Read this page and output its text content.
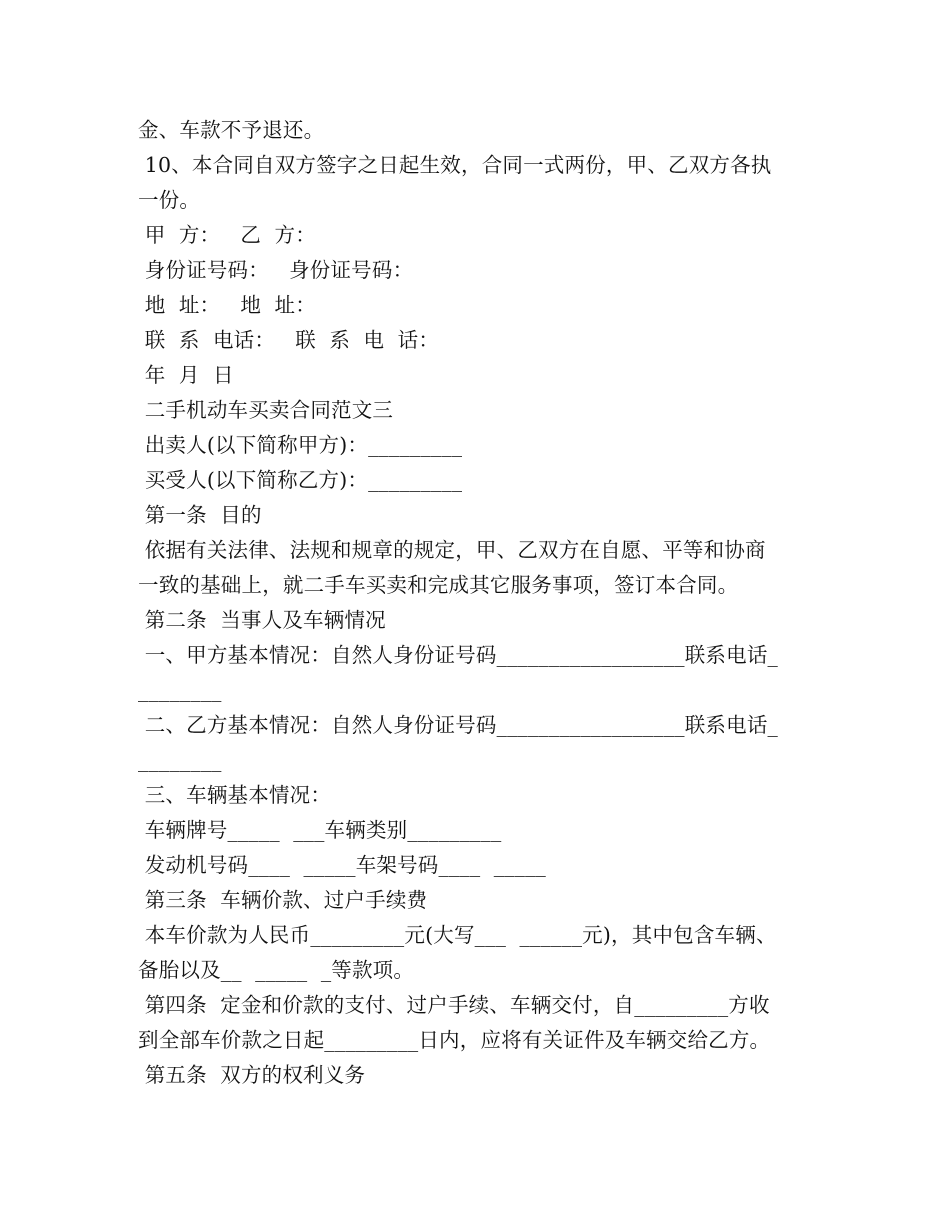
金、车款不予退还。
10、本合同自双方签字之日起生效，合同一式两份，甲、乙双方各执
一份。
甲  方：   乙  方：
身份证号码：   身份证号码：
地  址：   地  址：
联  系  电话：   联  系  电  话：
年  月  日
二手机动车买卖合同范文三
出卖人(以下简称甲方)：_________
买受人(以下简称乙方)：_________
第一条  目的
依据有关法律、法规和规章的规定，甲、乙双方在自愿、平等和协商
一致的基础上，就二手车买卖和完成其它服务事项，签订本合同。
第二条  当事人及车辆情况
一、甲方基本情况：自然人身份证号码__________________联系电话_
________
二、乙方基本情况：自然人身份证号码__________________联系电话_
________
三、车辆基本情况：
车辆牌号_____  ___车辆类别_________
发动机号码____  _____车架号码____  _____
第三条  车辆价款、过户手续费
本车价款为人民币_________元(大写___  ______元)，其中包含车辆、
备胎以及__  _____  _等款项。
第四条  定金和价款的支付、过户手续、车辆交付，自_________方收
到全部车价款之日起_________日内，应将有关证件及车辆交给乙方。
第五条  双方的权利义务
